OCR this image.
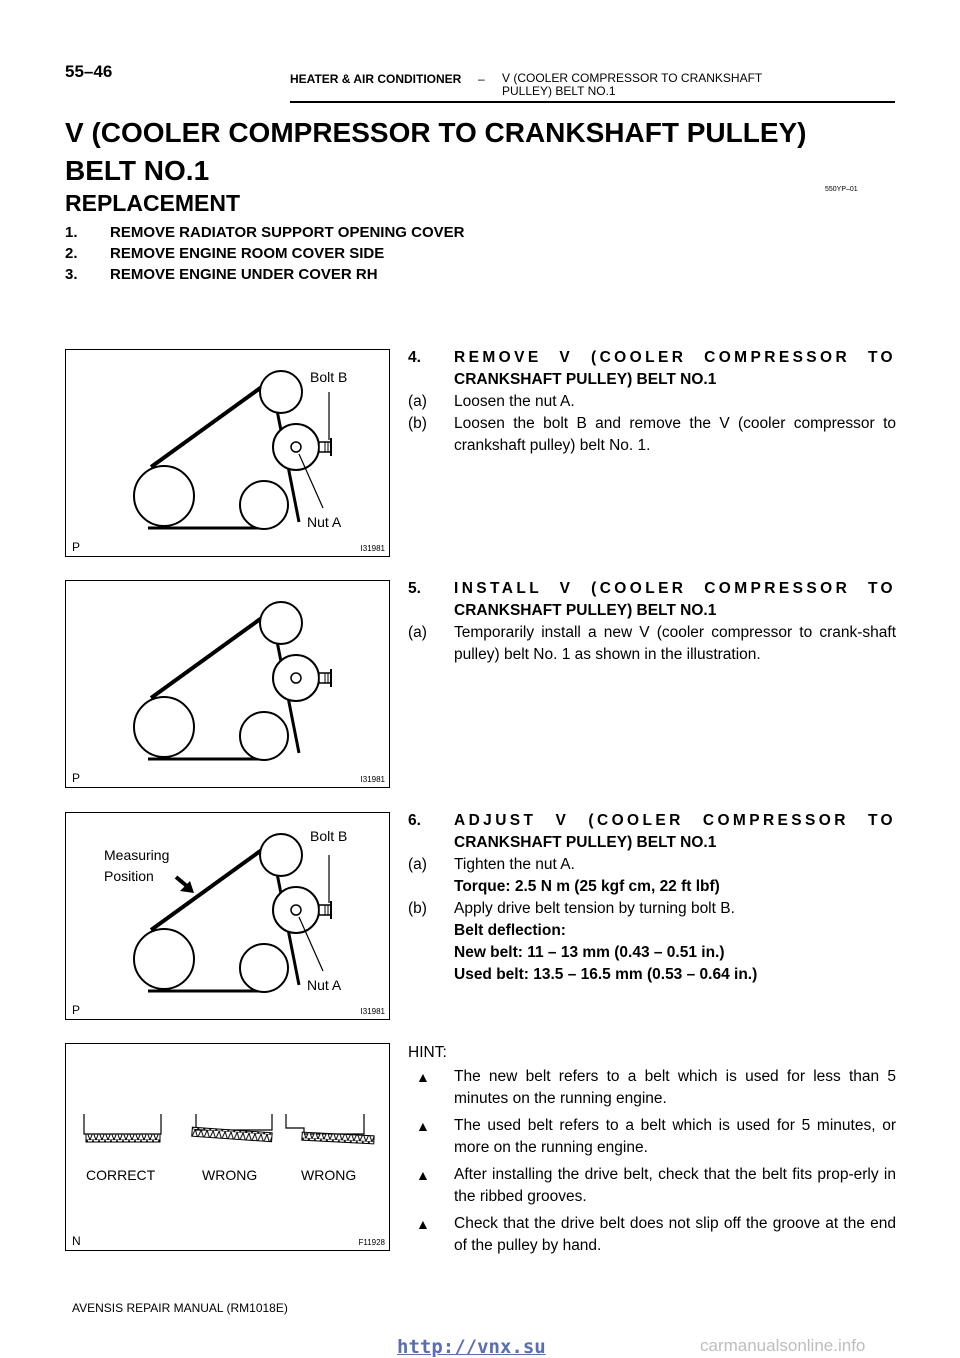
55–46	HEATER & AIR CONDITIONER – V (COOLER COMPRESSOR TO CRANKSHAFT
PULLEY) BELT NO.1
V (COOLER COMPRESSOR TO CRANKSHAFT PULLEY)
BELT NO.1
550YP–01
REPLACEMENT
1.	REMOVE RADIATOR SUPPORT OPENING COVER
2.	REMOVE ENGINE ROOM COVER SIDE
3.	REMOVE ENGINE UNDER COVER RH
Bolt B
Nut A
P	I31981
P	I31981
Bolt B
Measuring
Position
Nut A
P	I31981
CORRECT	WRONG	WRONG
N	F11928
4.	REMOVE V (COOLER COMPRESSOR TO
CRANKSHAFT PULLEY) BELT NO.1
(a)	Loosen the nut A.
(b)	Loosen the bolt B and remove the V (cooler compressor to crankshaft pulley) belt No. 1.
5.	INSTALL V (COOLER COMPRESSOR TO
CRANKSHAFT PULLEY) BELT NO.1
(a)	Temporarily install a new V (cooler compressor to crank-shaft pulley) belt No. 1 as shown in the illustration.
6.	ADJUST V (COOLER COMPRESSOR TO
CRANKSHAFT PULLEY) BELT NO.1
(a)	Tighten the nut A.
Torque: 2.5 N m (25 kgf cm, 22 ft lbf)
(b)	Apply drive belt tension by turning bolt B.
Belt deflection:
New belt: 11 – 13 mm (0.43 – 0.51 in.)
Used belt: 13.5 – 16.5 mm (0.53 – 0.64 in.)
HINT:
▲	The new belt refers to a belt which is used for less than 5 minutes on the running engine.
▲	The used belt refers to a belt which is used for 5 minutes, or more on the running engine.
▲	After installing the drive belt, check that the belt fits prop-erly in the ribbed grooves.
▲	Check that the drive belt does not slip off the groove at the end of the pulley by hand.
AVENSIS REPAIR MANUAL (RM1018E)
http://vnx.su	carmanualsonline.info
